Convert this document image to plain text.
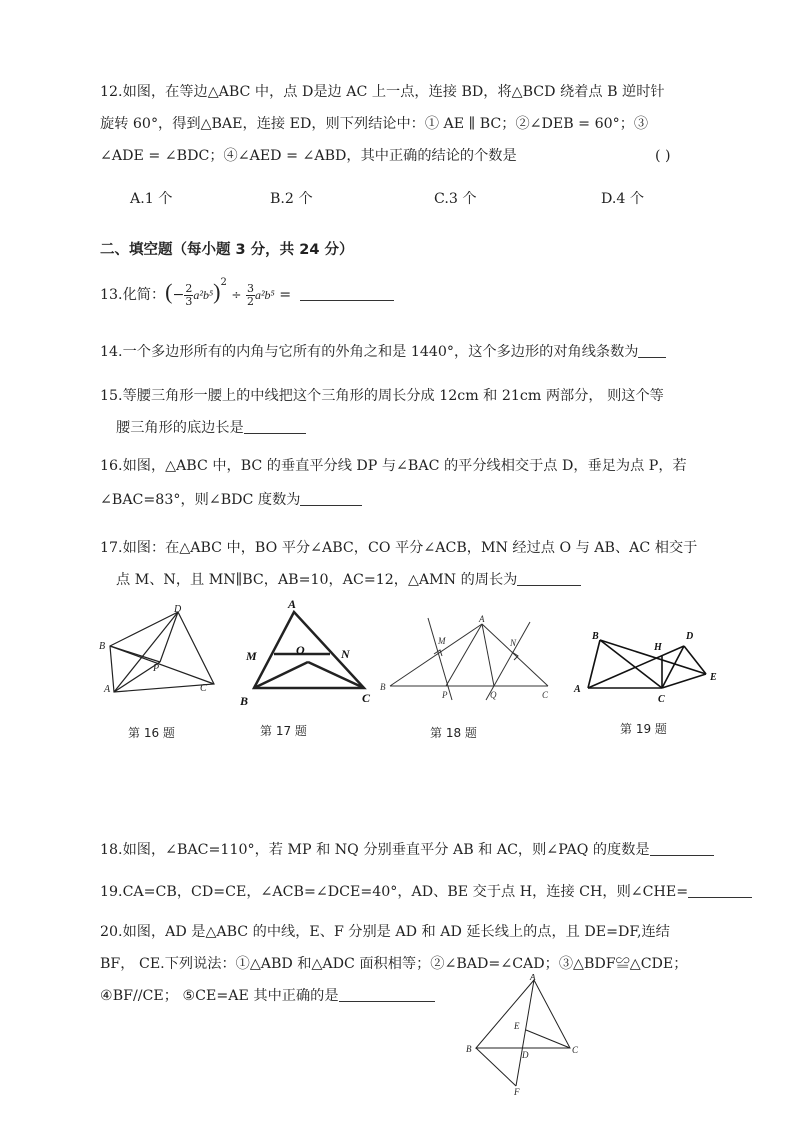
12.如图，在等边△ABC 中，点 D是边 AC 上一点，连接 BD，将△BCD 绕着点 B 逆时针
旋转 60°，得到△BAE，连接 ED，则下列结论中：① AE ∥ BC；②∠DEB = 60°；③
∠ADE = ∠BDC；④∠AED = ∠ABD，其中正确的结论的个数是	( )
A.1 个	B.2 个	C.3 个	D.4 个
二、填空题（每小题 3 分，共 24 分）
13.化简：(− $\frac{2}{3} a^2b^5)^2 \div \frac{3}{2} a^2b^5$ =
14.一个多边形所有的内角与它所有的外角之和是 1440°，这个多边形的对角线条数为
15.等腰三角形一腰上的中线把这个三角形的周长分成 12cm 和 21cm 两部分， 则这个等
腰三角形的底边长是
16.如图，△ABC 中，BC 的垂直平分线 DP 与∠BAC 的平分线相交于点 D，垂足为点 P，若
∠BAC=83°，则∠BDC 度数为
17.如图：在△ABC 中，BO 平分∠ABC，CO 平分∠ACB，MN 经过点 O 与 AB、AC 相交于
点 M、N，且 MN∥BC，AB=10，AC=12，△AMN 的周长为
D
B
P
A	C
第 16 题
A
M	O	N
B	C
第 17 题
A
M	N
B
P	Q	C
第 18 题
B
H
D
A
C
E
第 19 题
18.如图，∠BAC=110°，若 MP 和 NQ 分别垂直平分 AB 和 AC，则∠PAQ 的度数是
19.CA=CB，CD=CE，∠ACB=∠DCE=40°，AD、BE 交于点 H，连接 CH，则∠CHE=
20.如图，AD 是△ABC 的中线，E、F 分别是 AD 和 AD 延长线上的点，且 DE=DF,连结
BF， CE.下列说法：①△ABD 和△ADC 面积相等；②∠BAD=∠CAD；③△BDF≌△CDE；
④BF//CE； ⑤CE=AE 其中正确的是
A
E
B
D	C
F
